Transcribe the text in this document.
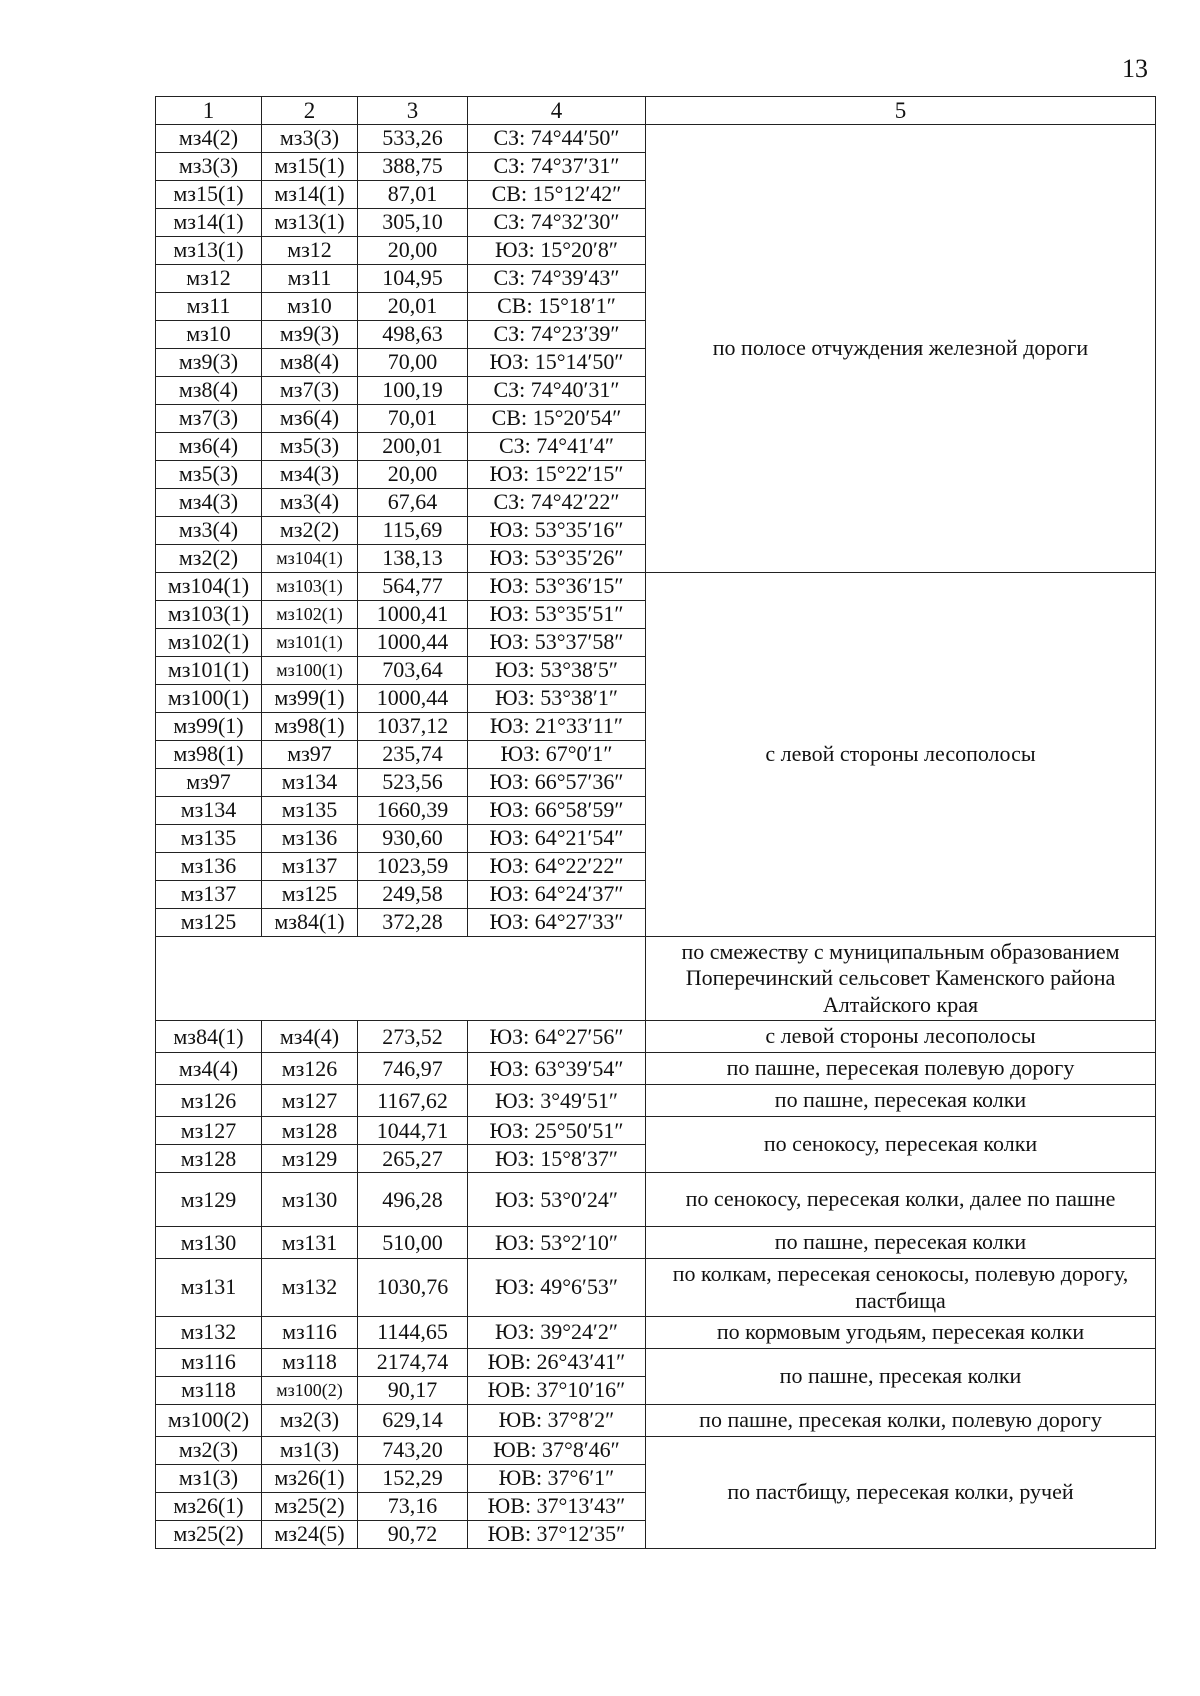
13
1	2	3	4	5
мз4(2)	мз3(3)	533,26	СЗ: 74°44′50″	по полосе отчуждения железной дороги
мз3(3)	мз15(1)	388,75	СЗ: 74°37′31″	
мз15(1)	мз14(1)	87,01	СВ: 15°12′42″	
мз14(1)	мз13(1)	305,10	СЗ: 74°32′30″	
мз13(1)	мз12	20,00	ЮЗ: 15°20′8″	
мз12	мз11	104,95	СЗ: 74°39′43″	
мз11	мз10	20,01	СВ: 15°18′1″	
мз10	мз9(3)	498,63	СЗ: 74°23′39″	
мз9(3)	мз8(4)	70,00	ЮЗ: 15°14′50″	
мз8(4)	мз7(3)	100,19	СЗ: 74°40′31″	
мз7(3)	мз6(4)	70,01	СВ: 15°20′54″	
мз6(4)	мз5(3)	200,01	СЗ: 74°41′4″	
мз5(3)	мз4(3)	20,00	ЮЗ: 15°22′15″	
мз4(3)	мз3(4)	67,64	СЗ: 74°42′22″	
мз3(4)	мз2(2)	115,69	ЮЗ: 53°35′16″	
мз2(2)	мз104(1)	138,13	ЮЗ: 53°35′26″	
мз104(1)	мз103(1)	564,77	ЮЗ: 53°36′15″	с левой стороны лесополосы
мз103(1)	мз102(1)	1000,41	ЮЗ: 53°35′51″	
мз102(1)	мз101(1)	1000,44	ЮЗ: 53°37′58″	
мз101(1)	мз100(1)	703,64	ЮЗ: 53°38′5″	
мз100(1)	мз99(1)	1000,44	ЮЗ: 53°38′1″	
мз99(1)	мз98(1)	1037,12	ЮЗ: 21°33′11″	
мз98(1)	мз97	235,74	ЮЗ: 67°0′1″	
мз97	мз134	523,56	ЮЗ: 66°57′36″	
мз134	мз135	1660,39	ЮЗ: 66°58′59″	
мз135	мз136	930,60	ЮЗ: 64°21′54″	
мз136	мз137	1023,59	ЮЗ: 64°22′22″	
мз137	мз125	249,58	ЮЗ: 64°24′37″	
мз125	мз84(1)	372,28	ЮЗ: 64°27′33″	
				по смежеству с муниципальным образованием Поперечинский сельсовет Каменского района Алтайского края
мз84(1)	мз4(4)	273,52	ЮЗ: 64°27′56″	с левой стороны лесополосы
мз4(4)	мз126	746,97	ЮЗ: 63°39′54″	по пашне, пересекая полевую дорогу
мз126	мз127	1167,62	ЮЗ: 3°49′51″	по пашне, пересекая колки
мз127	мз128	1044,71	ЮЗ: 25°50′51″	по сенокосу, пересекая колки
мз128	мз129	265,27	ЮЗ: 15°8′37″	
мз129	мз130	496,28	ЮЗ: 53°0′24″	по сенокосу, пересекая колки, далее по пашне
мз130	мз131	510,00	ЮЗ: 53°2′10″	по пашне, пересекая колки
мз131	мз132	1030,76	ЮЗ: 49°6′53″	по колкам, пересекая сенокосы, полевую дорогу, пастбища
мз132	мз116	1144,65	ЮЗ: 39°24′2″	по кормовым угодьям, пересекая колки
мз116	мз118	2174,74	ЮВ: 26°43′41″	по пашне, пресекая колки
мз118	мз100(2)	90,17	ЮВ: 37°10′16″	
мз100(2)	мз2(3)	629,14	ЮВ: 37°8′2″	по пашне, пресекая колки, полевую дорогу
мз2(3)	мз1(3)	743,20	ЮВ: 37°8′46″	по пастбищу, пересекая колки, ручей
мз1(3)	мз26(1)	152,29	ЮВ: 37°6′1″	
мз26(1)	мз25(2)	73,16	ЮВ: 37°13′43″	
мз25(2)	мз24(5)	90,72	ЮВ: 37°12′35″	
